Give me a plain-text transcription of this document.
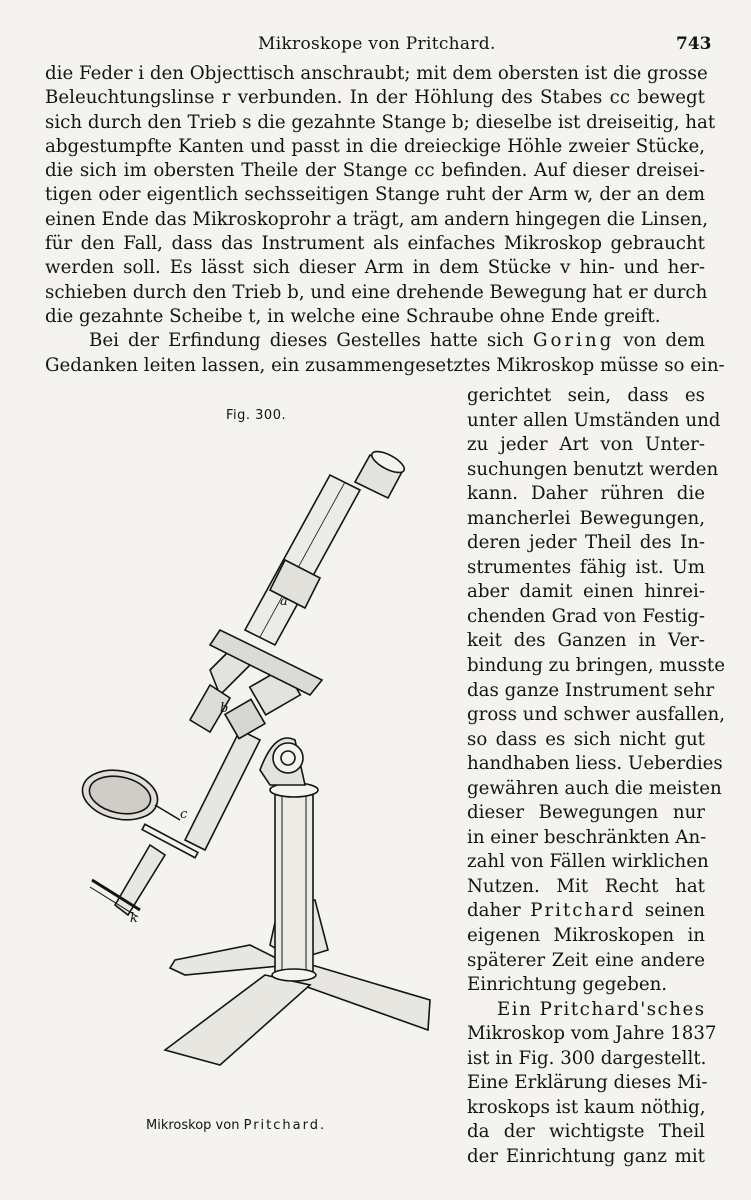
Mikroskope von Pritchard.	743

die Feder i den Objecttisch anschraubt; mit dem obersten ist die grosse
Beleuchtungslinse r verbunden. In der Höhlung des Stabes cc bewegt
sich durch den Trieb s die gezahnte Stange b; dieselbe ist dreiseitig, hat
abgestumpfte Kanten und passt in die dreieckige Höhle zweier Stücke,
die sich im obersten Theile der Stange cc befinden. Auf dieser dreisei-
tigen oder eigentlich sechsseitigen Stange ruht der Arm w, der an dem
einen Ende das Mikroskoprohr a trägt, am andern hingegen die Linsen,
für den Fall, dass das Instrument als einfaches Mikroskop gebraucht
werden soll. Es lässt sich dieser Arm in dem Stücke v hin- und her-
schieben durch den Trieb b, und eine drehende Bewegung hat er durch
die gezahnte Scheibe t, in welche eine Schraube ohne Ende greift.

Bei der Erfindung dieses Gestelles hatte sich Goring von dem
Gedanken leiten lassen, ein zusammengesetztes Mikroskop müsse so ein-

Fig. 300.
gerichtet sein, dass es
unter allen Umständen und
zu jeder Art von Unter-
suchungen benutzt werden
kann. Daher rühren die
mancherlei Bewegungen,
deren jeder Theil des In-
strumentes fähig ist. Um
aber damit einen hinrei-
chenden Grad von Festig-
keit des Ganzen in Ver-
bindung zu bringen, musste
das ganze Instrument sehr
gross und schwer ausfallen,
so dass es sich nicht gut
handhaben liess. Ueberdies
gewähren auch die meisten
dieser Bewegungen nur
in einer beschränkten An-
zahl von Fällen wirklichen
Nutzen. Mit Recht hat
daher Pritchard seinen
eigenen Mikroskopen in
späterer Zeit eine andere
Einrichtung gegeben.
Ein Pritchard'sches
Mikroskop vom Jahre 1837
ist in Fig. 300 dargestellt.
Eine Erklärung dieses Mi-
kroskops ist kaum nöthig,
da der wichtigste Theil
der Einrichtung ganz mit
a
b
c
k
Mikroskop von Pritchard.
